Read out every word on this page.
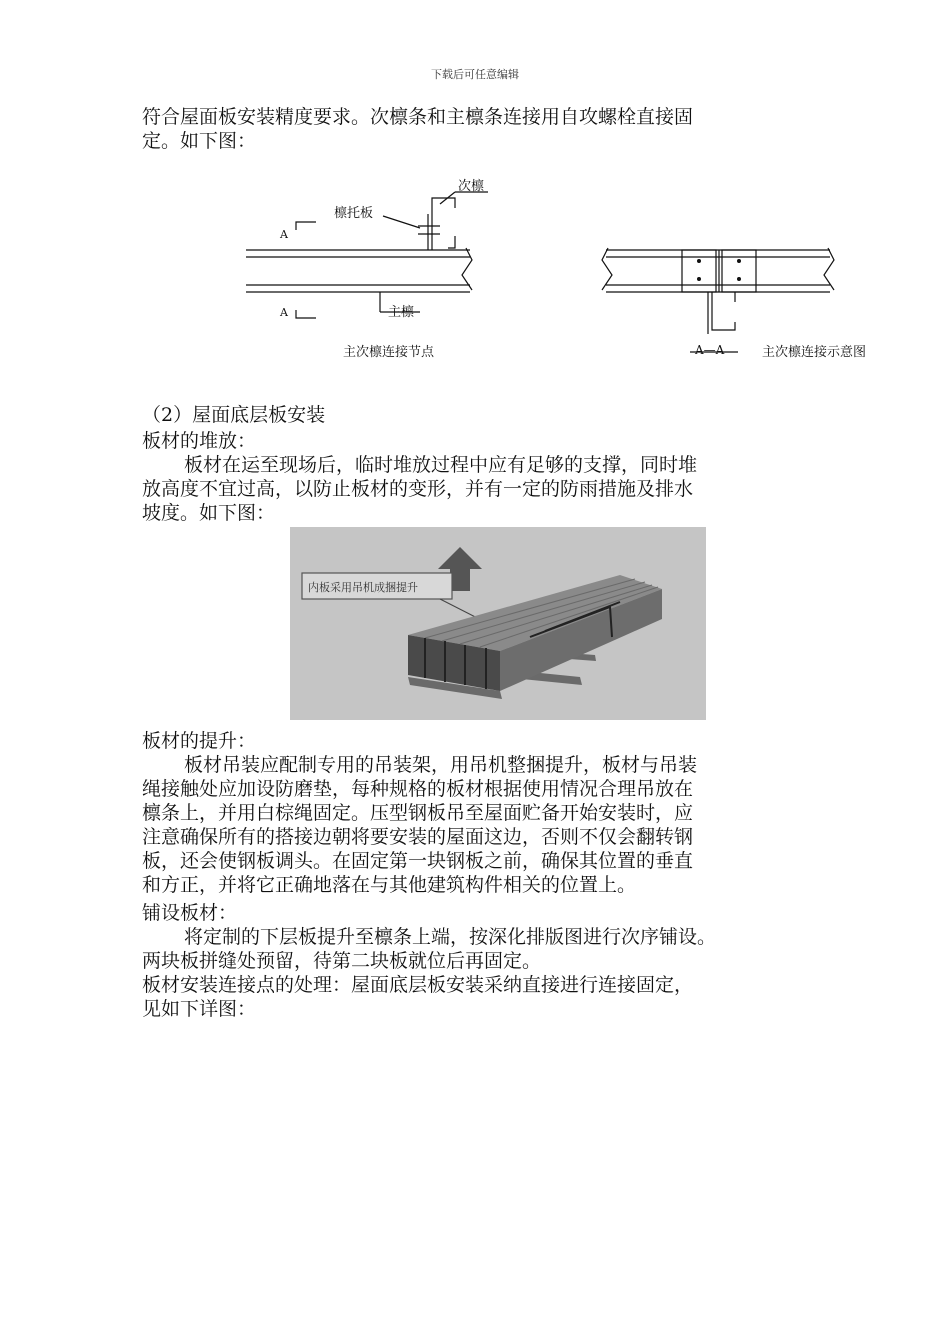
下载后可任意编辑
符合屋面板安装精度要求。次檩条和主檩条连接用自攻螺栓直接固
定。如下图：
次檩
檩托板
A
A	主檩
主次檩连接节点	A—A	主次檩连接示意图
（2）屋面底层板安装
板材的堆放：
板材在运至现场后，临时堆放过程中应有足够的支撑，同时堆
放高度不宜过高，以防止板材的变形，并有一定的防雨措施及排水
坡度。如下图：
内板采用吊机成捆提升
板材的提升：
板材吊装应配制专用的吊装架，用吊机整捆提升，板材与吊装
绳接触处应加设防磨垫，每种规格的板材根据使用情况合理吊放在
檩条上，并用白棕绳固定。压型钢板吊至屋面贮备开始安装时，应
注意确保所有的搭接边朝将要安装的屋面这边，否则不仅会翻转钢
板，还会使钢板调头。在固定第一块钢板之前，确保其位置的垂直
和方正，并将它正确地落在与其他建筑构件相关的位置上。
铺设板材：
将定制的下层板提升至檩条上端，按深化排版图进行次序铺设。
两块板拼缝处预留，待第二块板就位后再固定。
板材安装连接点的处理：屋面底层板安装采纳直接进行连接固定，
见如下详图：
